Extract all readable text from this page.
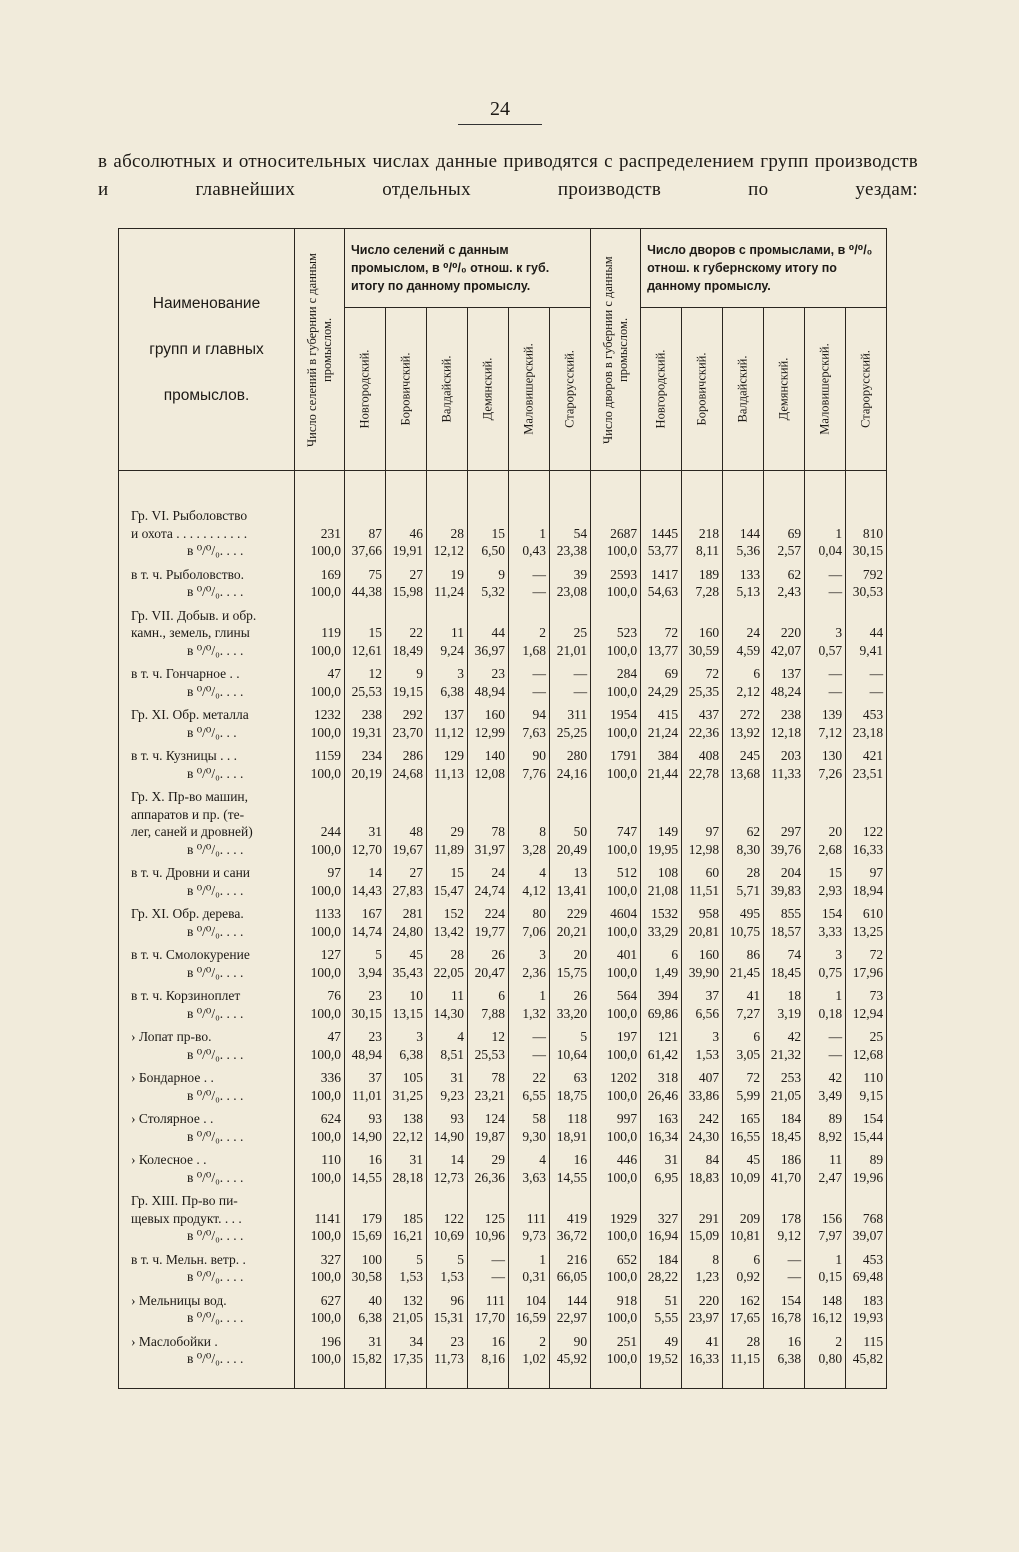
24
в абсолютных и относительных числах данные приводятся с распределением групп производств и главнейших отдельных производств по уездам:
Наименование
групп и главных
промыслов.	Число селений в губернии с данным промыслом.	Число селений с данным промыслом, в ⁰/⁰/₀ отнош. к губ. итогу по данному промыслу.						Число дворов в губернии с данным промыслом.	Число дворов с промыслами, в ⁰/⁰/₀ отнош. к губернскому итогу по данному промыслу.					

		Новгородский.	Боровичский.	Валдайский.	Демянский.	Маловишерский.	Старорусский.		Новгородский.	Боровичский.	Валдайский.	Демянский.	Маловишерский.	Старорусский.

Гр. VI. Рыболовство														
и охота . . . . . . . . . . .	231	87	46	28	15	1	54	2687	1445	218	144	69	1	810
в ⁰/⁰/₀. . . .	100,0	37,66	19,91	12,12	6,50	0,43	23,38	100,0	53,77	8,11	5,36	2,57	0,04	30,15

в т. ч. Рыболовство.	169	75	27	19	9	—	39	2593	1417	189	133	62	—	792
в ⁰/⁰/₀. . . .	100,0	44,38	15,98	11,24	5,32	—	23,08	100,0	54,63	7,28	5,13	2,43	—	30,53

Гр. VII. Добыв. и обр.														
камн., земель, глины	119	15	22	11	44	2	25	523	72	160	24	220	3	44
в ⁰/⁰/₀. . . .	100,0	12,61	18,49	9,24	36,97	1,68	21,01	100,0	13,77	30,59	4,59	42,07	0,57	9,41

в т. ч. Гончарное . .	47	12	9	3	23	—	—	284	69	72	6	137	—	—
в ⁰/⁰/₀. . . .	100,0	25,53	19,15	6,38	48,94	—	—	100,0	24,29	25,35	2,12	48,24	—	—

Гр. XI. Обр. металла	1232	238	292	137	160	94	311	1954	415	437	272	238	139	453
в ⁰/⁰/₀. . .	100,0	19,31	23,70	11,12	12,99	7,63	25,25	100,0	21,24	22,36	13,92	12,18	7,12	23,18

в т. ч. Кузницы . . .	1159	234	286	129	140	90	280	1791	384	408	245	203	130	421
в ⁰/⁰/₀. . . .	100,0	20,19	24,68	11,13	12,08	7,76	24,16	100,0	21,44	22,78	13,68	11,33	7,26	23,51

Гр. Х. Пр-во машин,														
аппаратов и пр. (те-														
лег, саней и дровней)	244	31	48	29	78	8	50	747	149	97	62	297	20	122
в ⁰/⁰/₀. . . .	100,0	12,70	19,67	11,89	31,97	3,28	20,49	100,0	19,95	12,98	8,30	39,76	2,68	16,33

в т. ч. Дровни и сани	97	14	27	15	24	4	13	512	108	60	28	204	15	97
в ⁰/⁰/₀. . . .	100,0	14,43	27,83	15,47	24,74	4,12	13,41	100,0	21,08	11,51	5,71	39,83	2,93	18,94

Гр. XI. Обр. дерева.	1133	167	281	152	224	80	229	4604	1532	958	495	855	154	610
в ⁰/⁰/₀. . . .	100,0	14,74	24,80	13,42	19,77	7,06	20,21	100,0	33,29	20,81	10,75	18,57	3,33	13,25

в т. ч. Смолокурение	127	5	45	28	26	3	20	401	6	160	86	74	3	72
в ⁰/⁰/₀. . . .	100,0	3,94	35,43	22,05	20,47	2,36	15,75	100,0	1,49	39,90	21,45	18,45	0,75	17,96

в т. ч. Корзиноплет	76	23	10	11	6	1	26	564	394	37	41	18	1	73
в ⁰/⁰/₀. . . .	100,0	30,15	13,15	14,30	7,88	1,32	33,20	100,0	69,86	6,56	7,27	3,19	0,18	12,94

› Лопат пр-во.	47	23	3	4	12	—	5	197	121	3	6	42	—	25
в ⁰/⁰/₀. . . .	100,0	48,94	6,38	8,51	25,53	—	10,64	100,0	61,42	1,53	3,05	21,32	—	12,68

› Бондарное . .	336	37	105	31	78	22	63	1202	318	407	72	253	42	110
в ⁰/⁰/₀. . . .	100,0	11,01	31,25	9,23	23,21	6,55	18,75	100,0	26,46	33,86	5,99	21,05	3,49	9,15

› Столярное . .	624	93	138	93	124	58	118	997	163	242	165	184	89	154
в ⁰/⁰/₀. . . .	100,0	14,90	22,12	14,90	19,87	9,30	18,91	100,0	16,34	24,30	16,55	18,45	8,92	15,44

› Колесное . .	110	16	31	14	29	4	16	446	31	84	45	186	11	89
в ⁰/⁰/₀. . . .	100,0	14,55	28,18	12,73	26,36	3,63	14,55	100,0	6,95	18,83	10,09	41,70	2,47	19,96

Гр. XIII. Пр-во пи-														
щевых продукт. . . .	1141	179	185	122	125	111	419	1929	327	291	209	178	156	768
в ⁰/⁰/₀. . . .	100,0	15,69	16,21	10,69	10,96	9,73	36,72	100,0	16,94	15,09	10,81	9,12	7,97	39,07

в т. ч. Мельн. ветр. .	327	100	5	5	—	1	216	652	184	8	6	—	1	453
в ⁰/⁰/₀. . . .	100,0	30,58	1,53	1,53	—	0,31	66,05	100,0	28,22	1,23	0,92	—	0,15	69,48

› Мельницы вод.	627	40	132	96	111	104	144	918	51	220	162	154	148	183
в ⁰/⁰/₀. . . .	100,0	6,38	21,05	15,31	17,70	16,59	22,97	100,0	5,55	23,97	17,65	16,78	16,12	19,93

› Маслобойки .	196	31	34	23	16	2	90	251	49	41	28	16	2	115
в ⁰/⁰/₀. . . .	100,0	15,82	17,35	11,73	8,16	1,02	45,92	100,0	19,52	16,33	11,15	6,38	0,80	45,82
